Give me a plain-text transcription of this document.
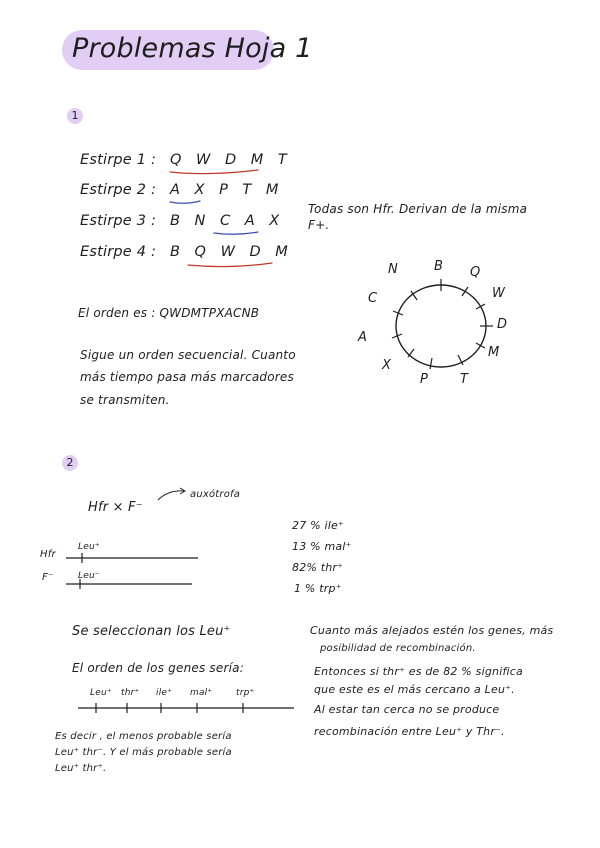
Problemas Hoja 1
1
Estirpe 1 : Q W D M T
Estirpe 2 : A X P T M
Estirpe 3 : B N C A X
Estirpe 4 : B Q W D M
Todas son Hfr. Derivan de la misma
F+.
El orden es : QWDMTPXACNB
Sigue un orden secuencial. Cuanto
más tiempo pasa más marcadores
se transmiten.
B Q
W
D
M
T
P
X
A
C
N
2
Hfr × F⁻
auxótrofa
Hfr
F⁻
Leu⁺
Leu⁻
27 % ile⁺
13 % mal⁺
82% thr⁺
1 % trp⁺
Se seleccionan los Leu⁺
El orden de los genes sería:
Leu⁺ thr⁺ ile⁺ mal⁺	trp⁺
Cuanto más alejados estén los genes, más
posibilidad de recombinación.
Entonces si thr⁺ es de 82 % significa
que este es el más cercano a Leu⁺.
Al estar tan cerca no se produce
recombinación entre Leu⁺ y Thr⁻.
Es decir , el menos probable sería
Leu⁺ thr⁻. Y el más probable sería
Leu⁺ thr⁺.
